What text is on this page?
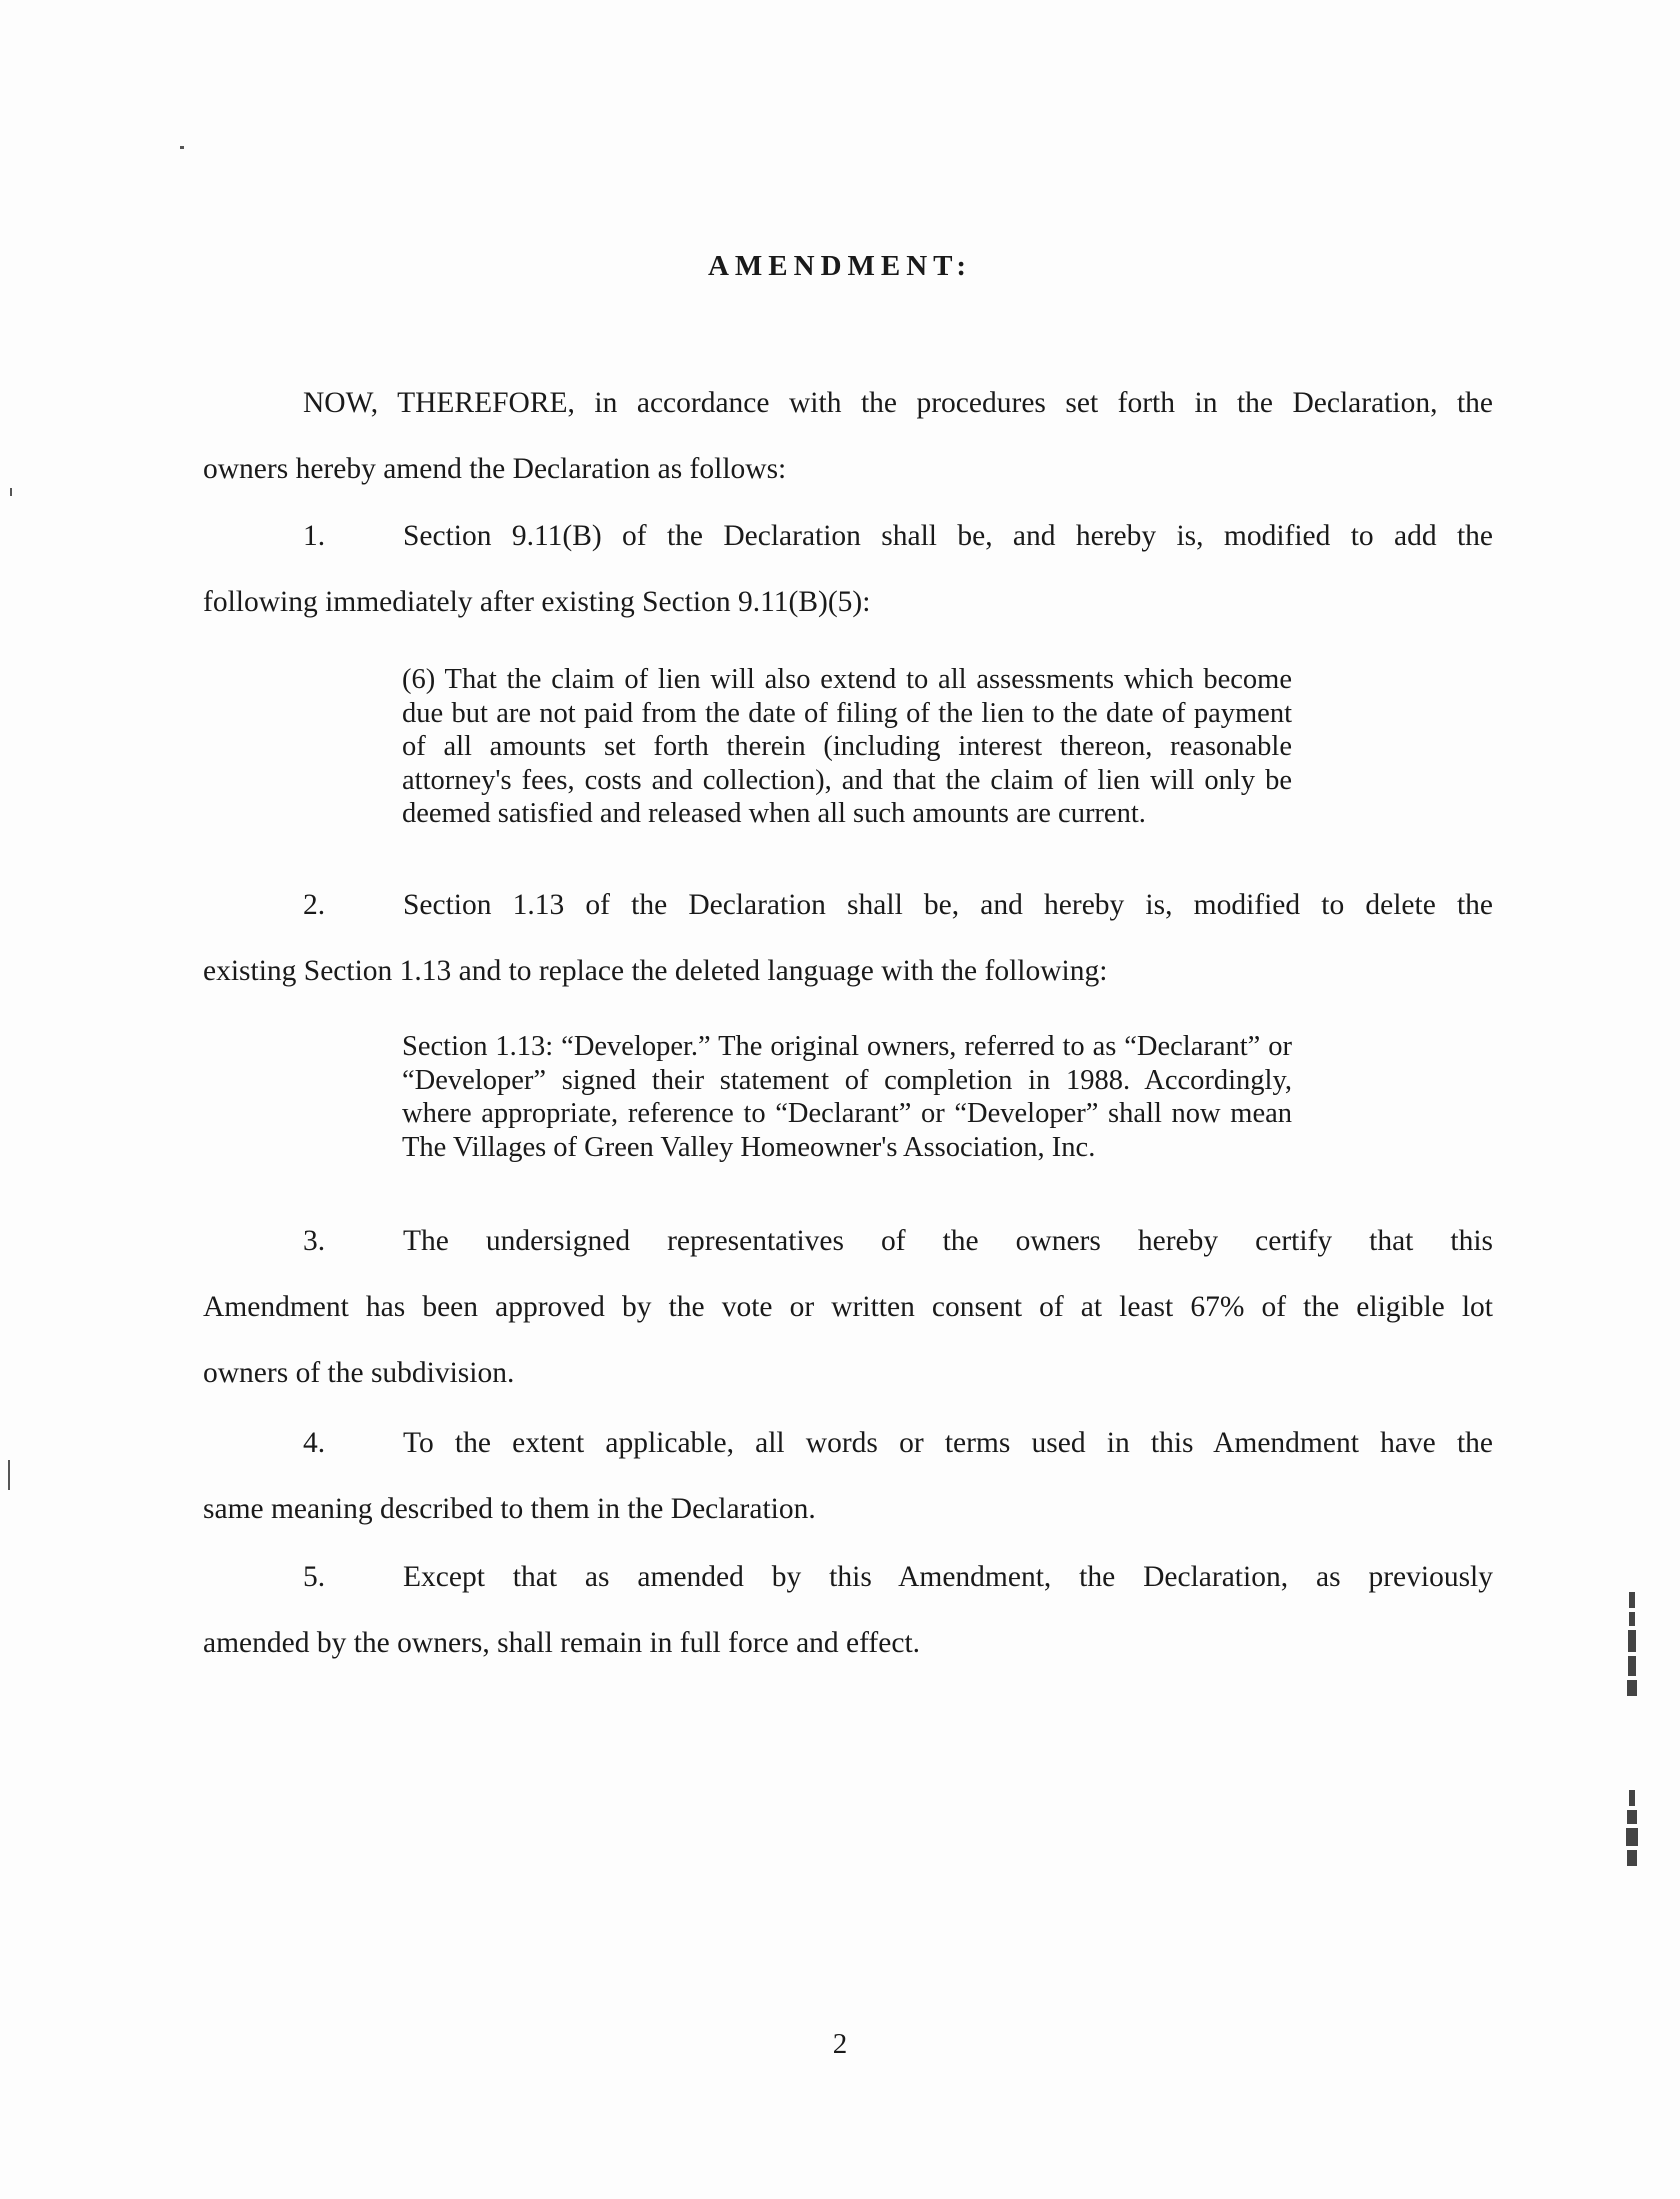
AMENDMENT:
NOW, THEREFORE, in accordance with the procedures set forth in the Declaration, the
owners hereby amend the Declaration as follows:
1.	Section 9.11(B) of the Declaration shall be, and hereby is, modified to add the
following immediately after existing Section 9.11(B)(5):
(6) That the claim of lien will also extend to all assessments which become due but are not paid from the date of filing of the lien to the date of payment of all amounts set forth therein (including interest thereon, reasonable attorney's fees, costs and collection), and that the claim of lien will only be deemed satisfied and released when all such amounts are current.
2.	Section 1.13 of the Declaration shall be, and hereby is, modified to delete the
existing Section 1.13 and to replace the deleted language with the following:
Section 1.13: “Developer.” The original owners, referred to as “Declarant” or “Developer” signed their statement of completion in 1988. Accordingly, where appropriate, reference to “Declarant” or “Developer” shall now mean The Villages of Green Valley Homeowner's Association, Inc.
3.	The undersigned representatives of the owners hereby certify that this
Amendment has been approved by the vote or written consent of at least 67% of the eligible lot
owners of the subdivision.
4.	To the extent applicable, all words or terms used in this Amendment have the
same meaning described to them in the Declaration.
5.	Except that as amended by this Amendment, the Declaration, as previously
amended by the owners, shall remain in full force and effect.
2
